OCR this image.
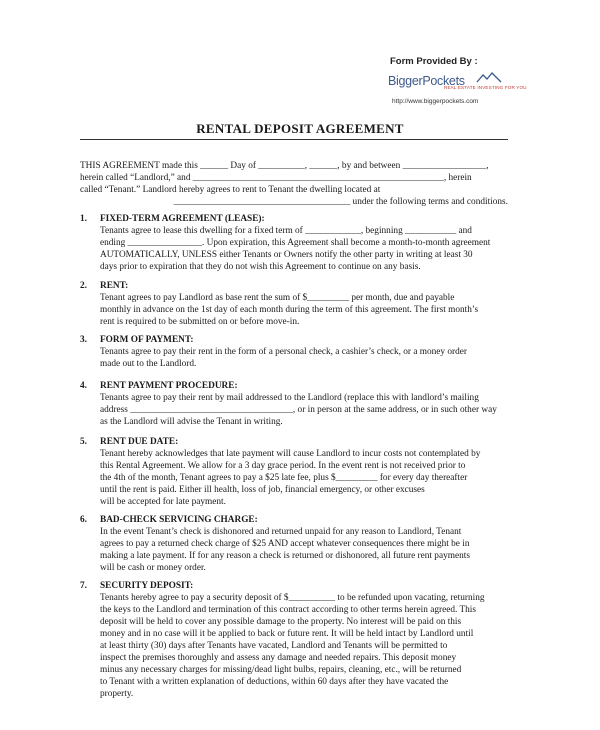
Form Provided By :
BiggerPockets
REAL ESTATE INVESTING FOR YOU
http://www.biggerpockets.com
RENTAL DEPOSIT AGREEMENT
THIS AGREEMENT made this ______ Day of __________, ______, by and between __________________,
herein called “Landlord,” and ______________________________________________________, herein
called “Tenant.” Landlord hereby agrees to rent to Tenant the dwelling located at
______________________________________ under the following terms and conditions.
1. FIXED-TERM AGREEMENT (LEASE):
Tenants agree to lease this dwelling for a fixed term of ____________, beginning ___________ and
ending ________________. Upon expiration, this Agreement shall become a month-to-month agreement
AUTOMATICALLY, UNLESS either Tenants or Owners notify the other party in writing at least 30
days prior to expiration that they do not wish this Agreement to continue on any basis.
2. RENT:
Tenant agrees to pay Landlord as base rent the sum of $_________ per month, due and payable
monthly in advance on the 1st day of each month during the term of this agreement. The first month’s
rent is required to be submitted on or before move-in.
3. FORM OF PAYMENT:
Tenants agree to pay their rent in the form of a personal check, a cashier’s check, or a money order
made out to the Landlord.
4. RENT PAYMENT PROCEDURE:
Tenants agree to pay their rent by mail addressed to the Landlord (replace this with landlord’s mailing
address ___________________________________, or in person at the same address, or in such other way
as the Landlord will advise the Tenant in writing.
5. RENT DUE DATE:
Tenant hereby acknowledges that late payment will cause Landlord to incur costs not contemplated by
this Rental Agreement. We allow for a 3 day grace period. In the event rent is not received prior to
the 4th of the month, Tenant agrees to pay a $25 late fee, plus $_________ for every day thereafter
until the rent is paid. Either ill health, loss of job, financial emergency, or other excuses
will be accepted for late payment.
6. BAD-CHECK SERVICING CHARGE:
In the event Tenant’s check is dishonored and returned unpaid for any reason to Landlord, Tenant
agrees to pay a returned check charge of $25 AND accept whatever consequences there might be in
making a late payment. If for any reason a check is returned or dishonored, all future rent payments
will be cash or money order.
7. SECURITY DEPOSIT:
Tenants hereby agree to pay a security deposit of $__________ to be refunded upon vacating, returning
the keys to the Landlord and termination of this contract according to other terms herein agreed. This
deposit will be held to cover any possible damage to the property. No interest will be paid on this
money and in no case will it be applied to back or future rent. It will be held intact by Landlord until
at least thirty (30) days after Tenants have vacated, Landlord and Tenants will be permitted to
inspect the premises thoroughly and assess any damage and needed repairs. This deposit money
minus any necessary charges for missing/dead light bulbs, repairs, cleaning, etc., will be returned
to Tenant with a written explanation of deductions, within 60 days after they have vacated the
property.
